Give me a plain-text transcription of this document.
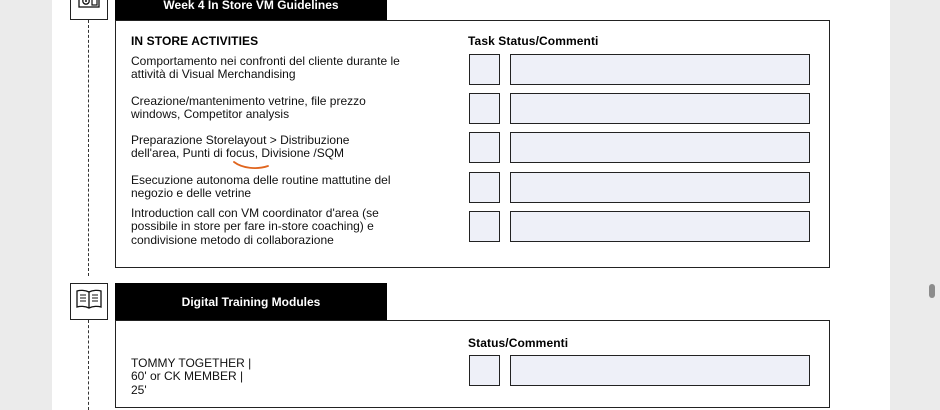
Week 4 In Store VM Guidelines
IN STORE ACTIVITIES	Task Status/Commenti
Comportamento nei confronti del cliente durante le attività di Visual Merchandising
Creazione/mantenimento vetrine, file prezzo windows, Competitor analysis
Preparazione Storelayout > Distribuzione dell'area, Punti di focus, Divisione /SQM
Esecuzione autonoma delle routine mattutine del negozio e delle vetrine
Introduction call con VM coordinator d'area (se possibile in store per fare in-store coaching) e condivisione metodo di collaborazione
Digital Training Modules
Status/Commenti
TOMMY TOGETHER | 60' or CK MEMBER | 25'
